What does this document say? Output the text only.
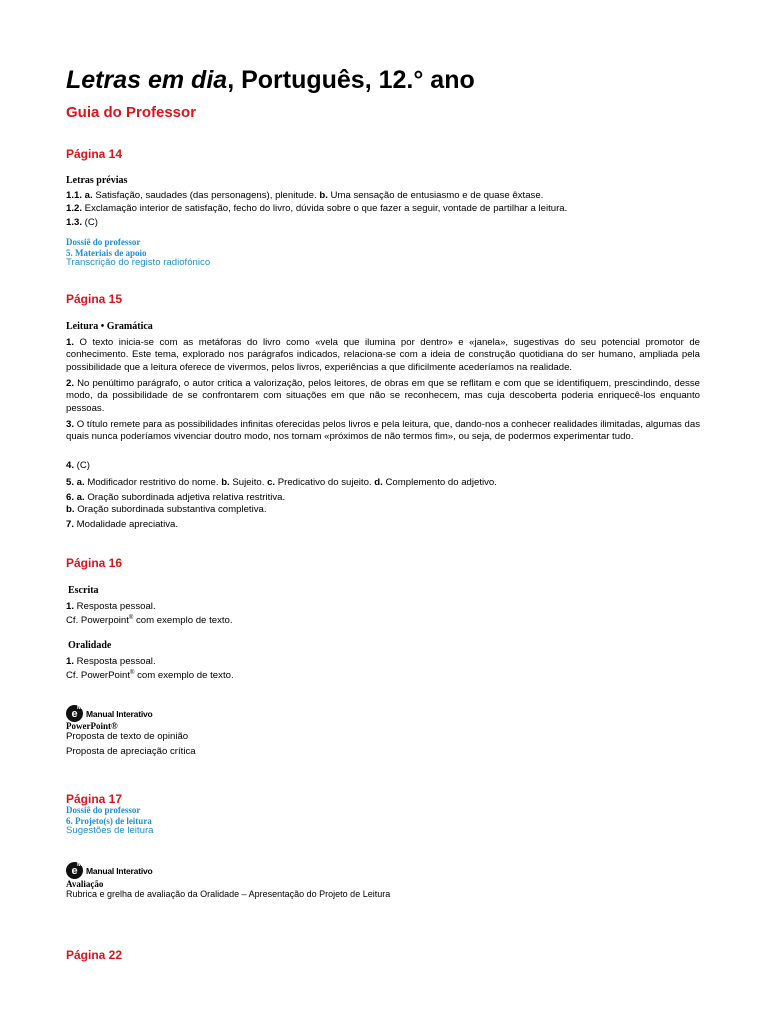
Letras em dia, Português, 12.° ano
Guia do Professor
Página 14
Letras prévias
1.1. a. Satisfação, saudades (das personagens), plenitude. b. Uma sensação de entusiasmo e de quase êxtase.
1.2. Exclamação interior de satisfação, fecho do livro, dúvida sobre o que fazer a seguir, vontade de partilhar a leitura.
1.3. (C)
Dossiê do professor
5. Materiais de apoio
Transcrição do registo radiofónico
Página 15
Leitura • Gramática
1. O texto inicia-se com as metáforas do livro como «vela que ilumina por dentro» e «janela», sugestivas do seu potencial promotor de conhecimento. Este tema, explorado nos parágrafos indicados, relaciona-se com a ideia de construção quotidiana do ser humano, ampliada pela possibilidade que a leitura oferece de vivermos, pelos livros, experiências a que dificilmente acederíamos na realidade.
2. No penúltimo parágrafo, o autor critica a valorização, pelos leitores, de obras em que se reflitam e com que se identifiquem, prescindindo, desse modo, da possibilidade de se confrontarem com situações em que não se reconhecem, mas cuja descoberta poderia enriquecê-los enquanto pessoas.
3. O título remete para as possibilidades infinitas oferecidas pelos livros e pela leitura, que, dando-nos a conhecer realidades ilimitadas, algumas das quais nunca poderíamos vivenciar doutro modo, nos tornam «próximos de não termos fim», ou seja, de podermos experimentar tudo.
4. (C)
5. a. Modificador restritivo do nome. b. Sujeito. c. Predicativo do sujeito. d. Complemento do adjetivo.
6. a. Oração subordinada adjetiva relativa restritiva.
b. Oração subordinada substantiva completiva.
7. Modalidade apreciativa.
Página 16
Escrita
1. Resposta pessoal.
Cf. Powerpoint® com exemplo de texto.
Oralidade
1. Resposta pessoal.
Cf. PowerPoint® com exemplo de texto.
$e^M$
Manual Interativo
PowerPoint®
Proposta de texto de opinião
Proposta de apreciação crítica
Página 17
Dossiê do professor
6. Projeto(s) de leitura
Sugestões de leitura
$e^M$
Manual Interativo
Avaliação
Rubrica e grelha de avaliação da Oralidade – Apresentação do Projeto de Leitura
Página 22
